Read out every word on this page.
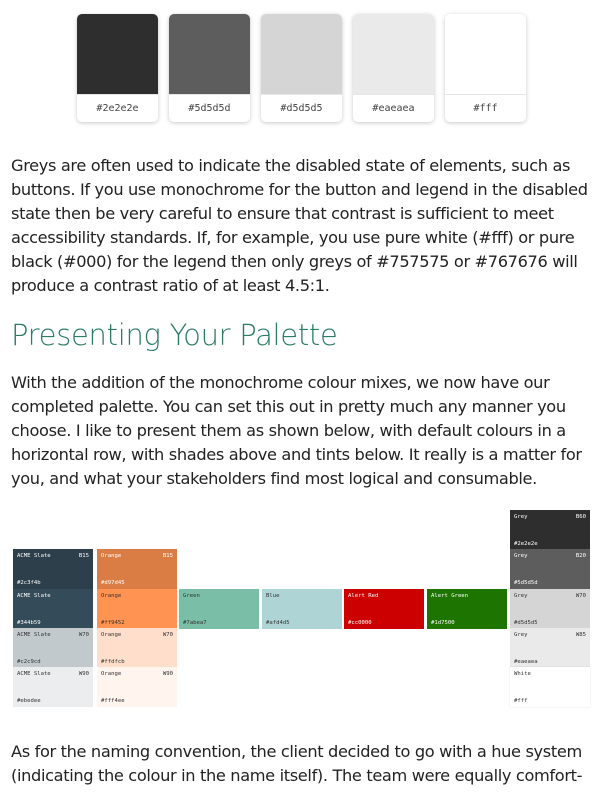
#2e2e2e	#5d5d5d	#d5d5d5	#eaeaea	#fff

Greys are often used to indicate the disabled state of elements, such as buttons. If you use monochrome for the button and legend in the disabled state then be very careful to ensure that contrast is sufficient to meet accessibility standards. If, for example, you use pure white (#fff) or pure black (#000) for the legend then only greys of #757575 or #767676 will produce a contrast ratio of at least 4.5:1.

Presenting Your Palette

With the addition of the monochrome colour mixes, we now have our completed palette. You can set this out in pretty much any manner you choose. I like to present them as shown below, with default colours in a horizontal row, with shades above and tints below. It really is a matter for you, and what your stakeholders find most logical and consumable.

ACME Slate	B15
#2c3f4b
ACME Slate
#344b59
ACME Slate	W70
#c2c9cd
ACME Slate	W90
#ebedee
Orange	B15
#d97d45
Orange
#ff9452
Orange	W70
#ffdfcb
Orange	W90
#fff4ee
Green
#7abea7
Blue
#afd4d5
Alert Red
#cc0000
Alert Green
#1d7500
Grey	B60
#2e2e2e
Grey	B20
#5d5d5d
Grey	W70
#d5d5d5
Grey	W85
#eaeaea
White
#fff

As for the naming convention, the client decided to go with a hue system (indicating the colour in the name itself). The team were equally comfort-
